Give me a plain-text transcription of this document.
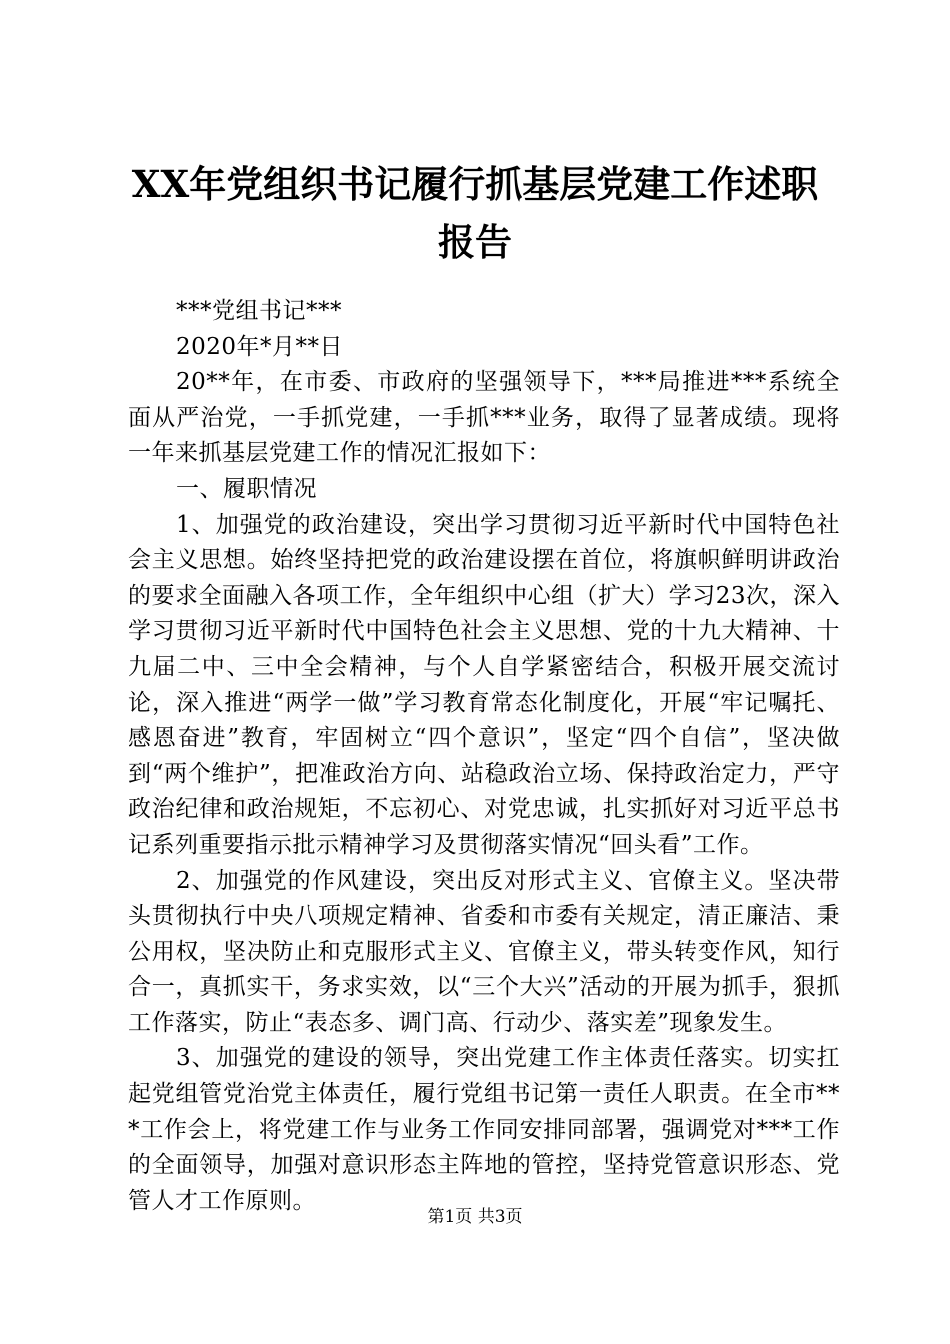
XX年党组织书记履行抓基层党建工作述职报告

***党组书记***

2020年*月**日

20**年，在市委、市政府的坚强领导下，***局推进***系统全面从严治党，一手抓党建，一手抓***业务，取得了显著成绩。现将一年来抓基层党建工作的情况汇报如下：

一、履职情况

1、加强党的政治建设，突出学习贯彻习近平新时代中国特色社会主义思想。始终坚持把党的政治建设摆在首位，将旗帜鲜明讲政治的要求全面融入各项工作，全年组织中心组（扩大）学习23次，深入学习贯彻习近平新时代中国特色社会主义思想、党的十九大精神、十九届二中、三中全会精神，与个人自学紧密结合，积极开展交流讨论，深入推进“两学一做”学习教育常态化制度化，开展“牢记嘱托、感恩奋进”教育，牢固树立“四个意识”，坚定“四个自信”，坚决做到“两个维护”，把准政治方向、站稳政治立场、保持政治定力，严守政治纪律和政治规矩，不忘初心、对党忠诚，扎实抓好对习近平总书记系列重要指示批示精神学习及贯彻落实情况“回头看”工作。

2、加强党的作风建设，突出反对形式主义、官僚主义。坚决带头贯彻执行中央八项规定精神、省委和市委有关规定，清正廉洁、秉公用权，坚决防止和克服形式主义、官僚主义，带头转变作风，知行合一，真抓实干，务求实效，以“三个大兴”活动的开展为抓手，狠抓工作落实，防止“表态多、调门高、行动少、落实差”现象发生。

3、加强党的建设的领导，突出党建工作主体责任落实。切实扛起党组管党治党主体责任，履行党组书记第一责任人职责。在全市***工作会上，将党建工作与业务工作同安排同部署，强调党对***工作的全面领导，加强对意识形态主阵地的管控，坚持党管意识形态、党管人才工作原则。

第1页 共3页
